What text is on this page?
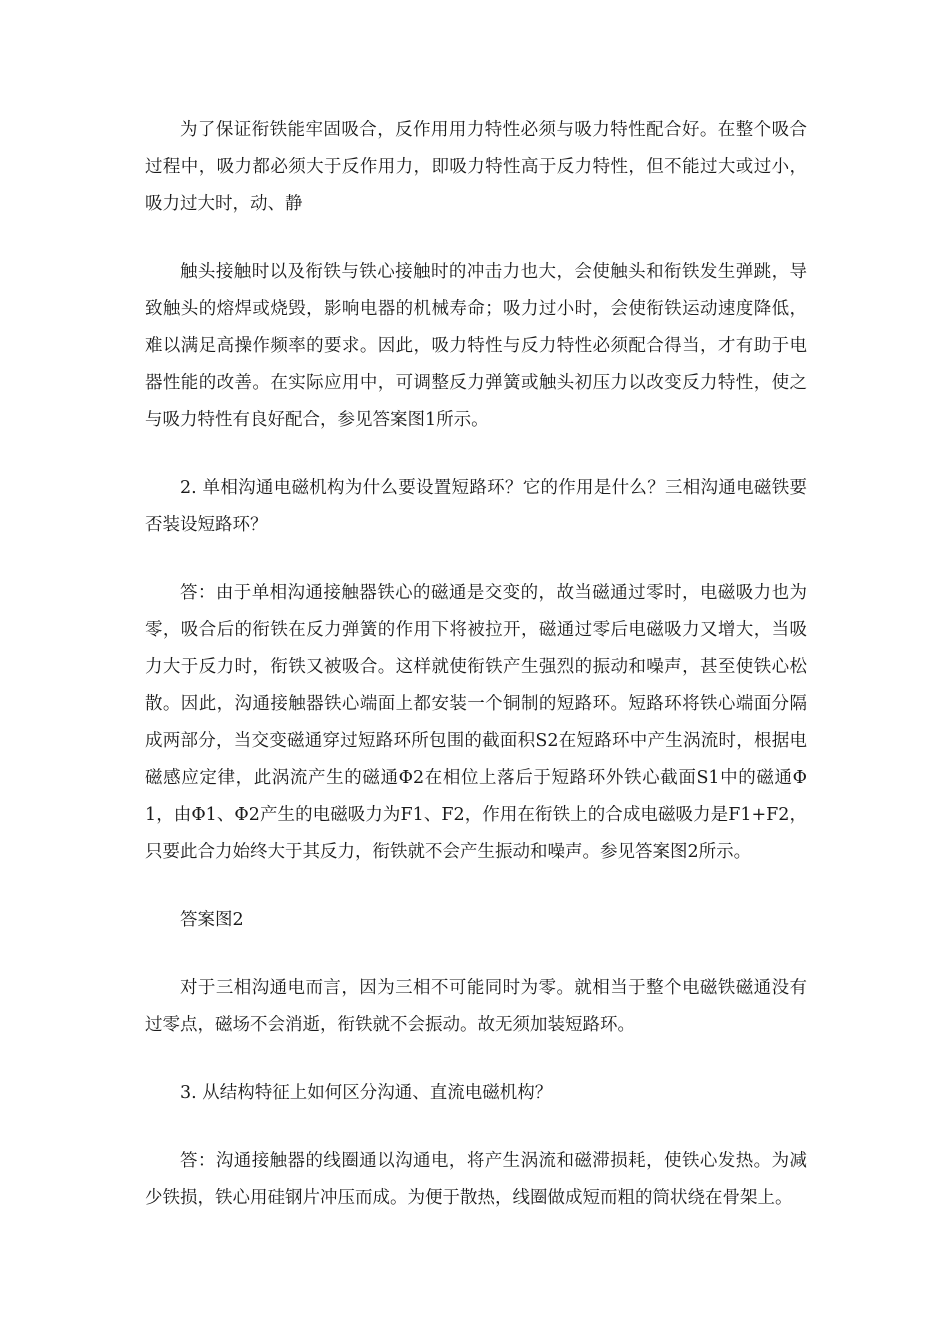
为了保证衔铁能牢固吸合，反作用用力特性必须与吸力特性配合好。在整个吸合过程中，吸力都必须大于反作用力，即吸力特性高于反力特性，但不能过大或过小，吸力过大时，动、静

触头接触时以及衔铁与铁心接触时的冲击力也大，会使触头和衔铁发生弹跳，导致触头的熔焊或烧毁，影响电器的机械寿命；吸力过小时，会使衔铁运动速度降低，难以满足高操作频率的要求。因此，吸力特性与反力特性必须配合得当，才有助于电器性能的改善。在实际应用中，可调整反力弹簧或触头初压力以改变反力特性，使之与吸力特性有良好配合，参见答案图1所示。

2. 单相沟通电磁机构为什么要设置短路环？它的作用是什么？三相沟通电磁铁要否装设短路环？

答：由于单相沟通接触器铁心的磁通是交变的，故当磁通过零时，电磁吸力也为零，吸合后的衔铁在反力弹簧的作用下将被拉开，磁通过零后电磁吸力又增大，当吸力大于反力时，衔铁又被吸合。这样就使衔铁产生强烈的振动和噪声，甚至使铁心松散。因此，沟通接触器铁心端面上都安装一个铜制的短路环。短路环将铁心端面分隔成两部分，当交变磁通穿过短路环所包围的截面积S2在短路环中产生涡流时，根据电磁感应定律，此涡流产生的磁通Φ2在相位上落后于短路环外铁心截面S1中的磁通Φ1，由Φ1、Φ2产生的电磁吸力为F1、F2，作用在衔铁上的合成电磁吸力是F1+F2，只要此合力始终大于其反力，衔铁就不会产生振动和噪声。参见答案图2所示。

答案图2

对于三相沟通电而言，因为三相不可能同时为零。就相当于整个电磁铁磁通没有过零点，磁场不会消逝，衔铁就不会振动。故无须加装短路环。

3. 从结构特征上如何区分沟通、直流电磁机构？

答：沟通接触器的线圈通以沟通电，将产生涡流和磁滞损耗，使铁心发热。为减少铁损，铁心用硅钢片冲压而成。为便于散热，线圈做成短而粗的筒状绕在骨架上。
